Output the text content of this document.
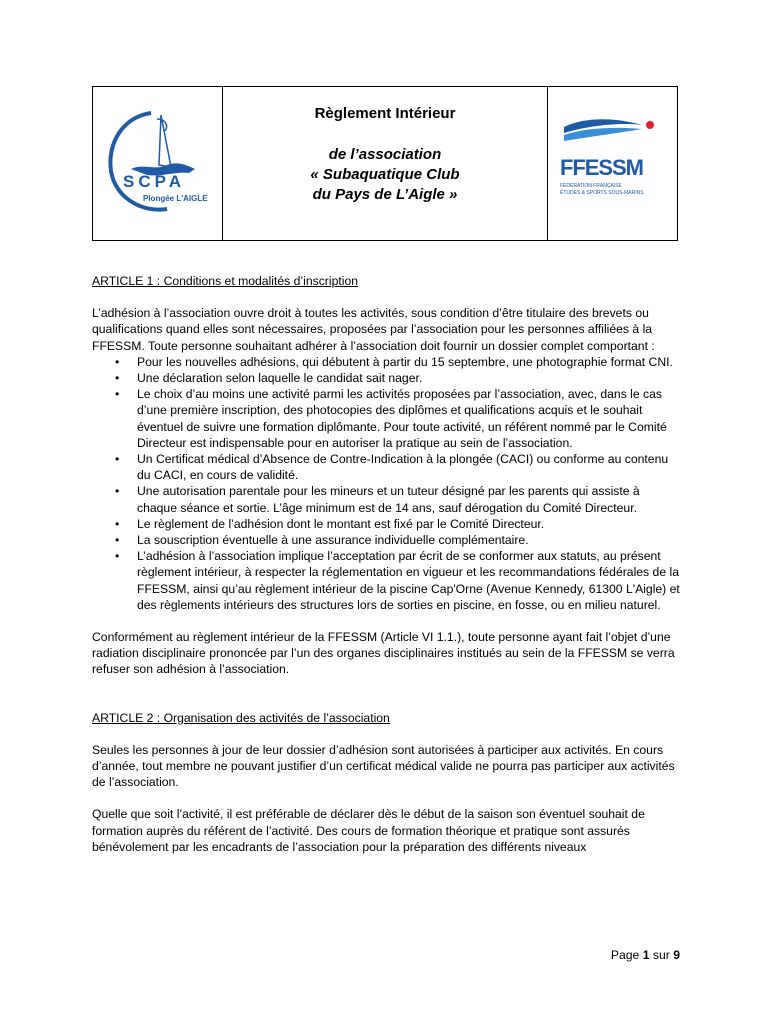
SCPA
Plongée L'AIGLE
Règlement Intérieur
de l’association
« Subaquatique Club
du Pays de L’Aigle »
FFESSM
FÉDÉRATION FRANÇAISE
ÉTUDES & SPORTS SOUS-MARINS

ARTICLE 1 : Conditions et modalités d’inscription

L’adhésion à l’association ouvre droit à toutes les activités, sous condition d’être titulaire des brevets ou qualifications quand elles sont nécessaires, proposées par l’association pour les personnes affiliées à la FFESSM. Toute personne souhaitant adhérer à l’association doit fournir un dossier complet comportant :

• Pour les nouvelles adhésions, qui débutent à partir du 15 septembre, une photographie format CNI.
• Une déclaration selon laquelle le candidat sait nager.
• Le choix d’au moins une activité parmi les activités proposées par l’association, avec, dans le cas d’une première inscription, des photocopies des diplômes et qualifications acquis et le souhait éventuel de suivre une formation diplômante. Pour toute activité, un référent nommé par le Comité Directeur est indispensable pour en autoriser la pratique au sein de l’association.
• Un Certificat médical d’Absence de Contre-Indication à la plongée (CACI) ou conforme au contenu du CACI, en cours de validité.
• Une autorisation parentale pour les mineurs et un tuteur désigné par les parents qui assiste à chaque séance et sortie. L’âge minimum est de 14 ans, sauf dérogation du Comité Directeur.
• Le règlement de l’adhésion dont le montant est fixé par le Comité Directeur.
• La souscription éventuelle à une assurance individuelle complémentaire.
• L’adhésion à l’association implique l’acceptation par écrit de se conformer aux statuts, au présent règlement intérieur, à respecter la réglementation en vigueur et les recommandations fédérales de la FFESSM, ainsi qu’au règlement intérieur de la piscine Cap'Orne (Avenue Kennedy, 61300 L'Aigle) et des règlements intérieurs des structures lors de sorties en piscine, en fosse, ou en milieu naturel.

Conformément au règlement intérieur de la FFESSM (Article VI 1.1.), toute personne ayant fait l’objet d’une radiation disciplinaire prononcée par l’un des organes disciplinaires institués au sein de la FFESSM se verra refuser son adhésion à l’association.

ARTICLE 2 : Organisation des activités de l’association

Seules les personnes à jour de leur dossier d’adhésion sont autorisées à participer aux activités. En cours d’année, tout membre ne pouvant justifier d’un certificat médical valide ne pourra pas participer aux activités de l’association.

Quelle que soit l’activité, il est préférable de déclarer dès le début de la saison son éventuel souhait de formation auprès du référent de l’activité. Des cours de formation théorique et pratique sont assurés bénévolement par les encadrants de l’association pour la préparation des différents niveaux

Page 1 sur 9
